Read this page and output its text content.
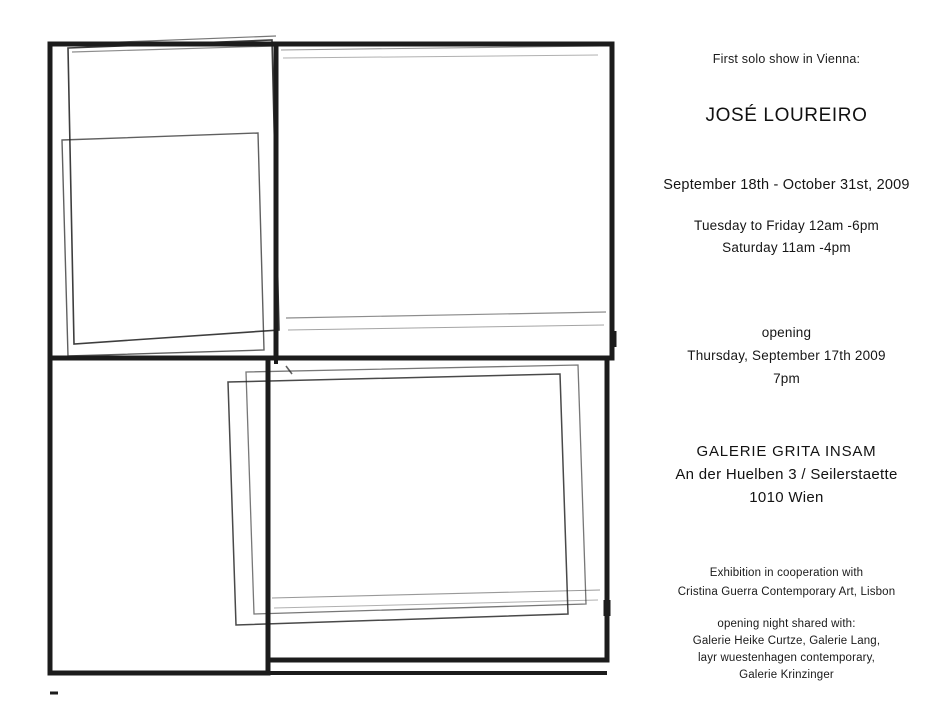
First solo show in Vienna:
JOSÉ LOUREIRO
September 18th - October 31st, 2009
Tuesday to Friday 12am -6pm
Saturday 11am -4pm
opening
Thursday, September 17th 2009
7pm
GALERIE GRITA INSAM
An der Huelben 3 / Seilerstaette
1010 Wien
Exhibition in cooperation with
Cristina Guerra Contemporary Art, Lisbon
opening night shared with:
Galerie Heike Curtze, Galerie Lang,
layr wuestenhagen contemporary,
Galerie Krinzinger
